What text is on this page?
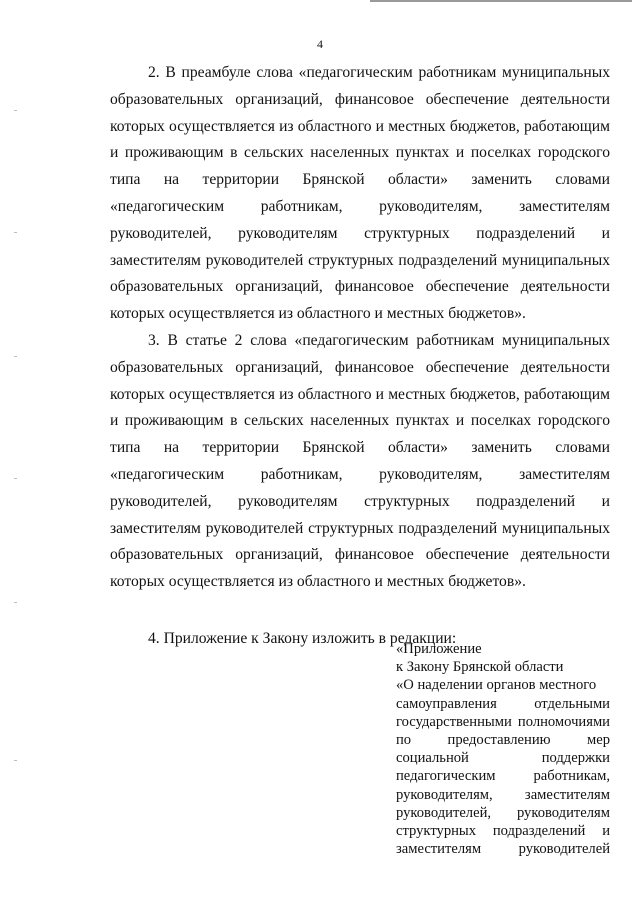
4

2. В преамбуле слова «педагогическим работникам муниципальных образовательных организаций, финансовое обеспечение деятельности которых осуществляется из областного и местных бюджетов, работающим и проживающим в сельских населенных пунктах и поселках городского типа на территории Брянской области» заменить словами «педагогическим работникам, руководителям, заместителям руководителей, руководителям структурных подразделений и заместителям руководителей структурных подразделений муниципальных образовательных организаций, финансовое обеспечение деятельности которых осуществляется из областного и местных бюджетов».

3. В статье 2 слова «педагогическим работникам муниципальных образовательных организаций, финансовое обеспечение деятельности которых осуществляется из областного и местных бюджетов, работающим и проживающим в сельских населенных пунктах и поселках городского типа на территории Брянской области» заменить словами «педагогическим работникам, руководителям, заместителям руководителей, руководителям структурных подразделений и заместителям руководителей структурных подразделений муниципальных образовательных организаций, финансовое обеспечение деятельности которых осуществляется из областного и местных бюджетов».

4. Приложение к Закону изложить в редакции:

«Приложение
к Закону Брянской области
«О наделении органов местного
самоуправления отдельными
государственными полномочиями
по предоставлению мер
социальной поддержки
педагогическим работникам,
руководителям, заместителям
руководителей, руководителям
структурных подразделений и
заместителям руководителей
